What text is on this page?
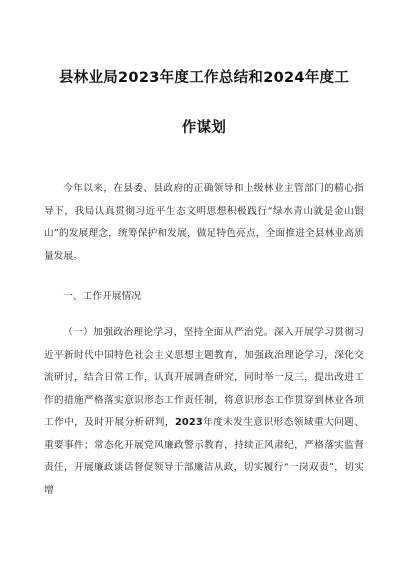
县林业局2023年度工作总结和2024年度工
作谋划

今年以来，在县委、县政府的正确领导和上级林业主管部门的精心指导下，我局认真贯彻习近平生态文明思想积极践行“绿水青山就是金山银山”的发展理念，统筹保护和发展，做足特色亮点，全面推进全县林业高质量发展。

一、工作开展情况

（一）加强政治理论学习，坚持全面从严治党。深入开展学习贯彻习近平新时代中国特色社会主义思想主题教育，加强政治理论学习，深化交流研讨，结合日常工作，认真开展调查研究，同时举一反三，提出改进工作的措施严格落实意识形态工作责任制，将意识形态工作贯穿到林业各项工作中，及时开展分析研判，2023年度未发生意识形态领域重大问题、重要事件；常态化开展党风廉政警示教育，持续正风肃纪，严格落实监督责任，开展廉政谈话督促领导干部廉洁从政，切实履行“一岗双责”，切实增
